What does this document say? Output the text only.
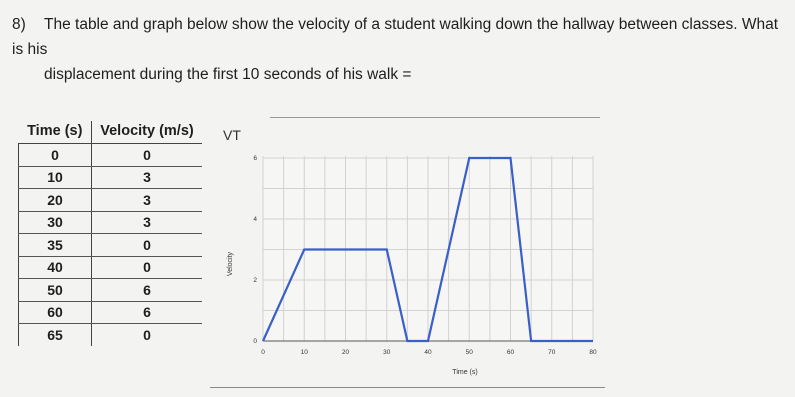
8) The table and graph below show the velocity of a student walking down the hallway between classes. What is his
displacement during the first 10 seconds of his walk =
Time (s)	Velocity (m/s)
0	0
10	3
20	3
30	3
35	0
40	0
50	6
60	6
65	0
VT
0	10	20	30	40	50	60	70	80
0
2
4
6
Velocity
Time (s)
